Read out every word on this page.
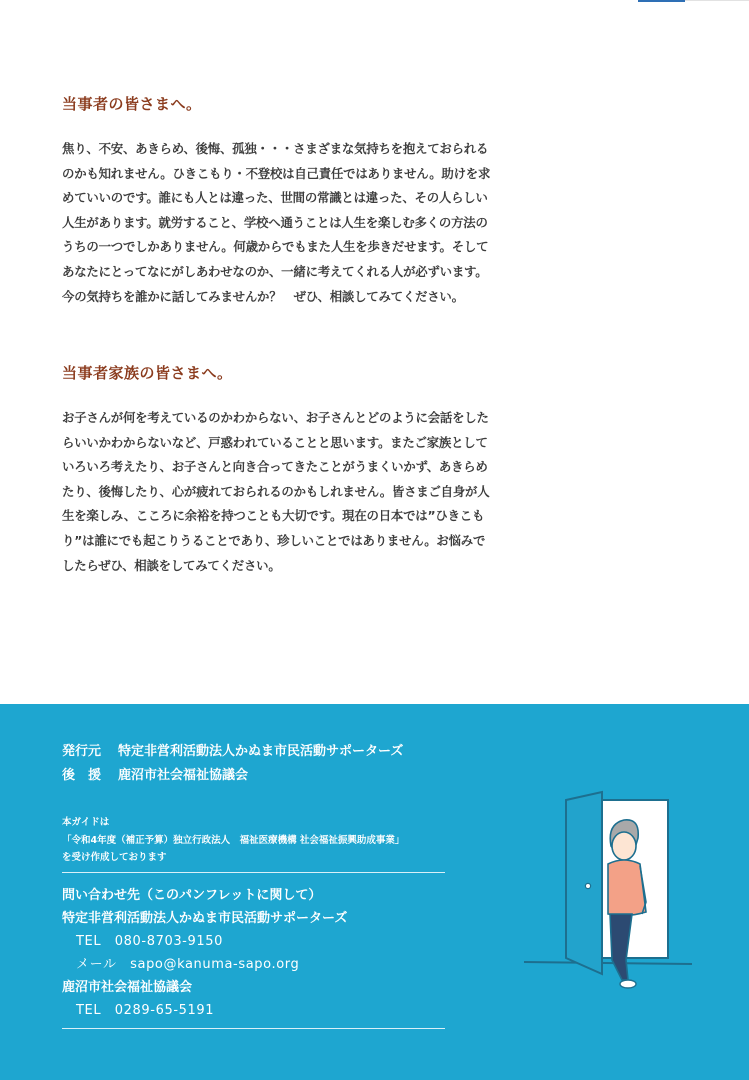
当事者の皆さまへ。

焦り、不安、あきらめ、後悔、孤独・・・さまざまな気持ちを抱えておられるのかも知れません。ひきこもり・不登校は自己責任ではありません。助けを求めていいのです。誰にも人とは違った、世間の常識とは違った、その人らしい人生があります。就労すること、学校へ通うことは人生を楽しむ多くの方法のうちの一つでしかありません。何歳からでもまた人生を歩きだせます。そしてあなたにとってなにがしあわせなのか、一緒に考えてくれる人が必ずいます。今の気持ちを誰かに話してみませんか？　ぜひ、相談してみてください。

当事者家族の皆さまへ。

お子さんが何を考えているのかわからない、お子さんとどのように会話をしたらいいかわからないなど、戸惑われていることと思います。またご家族としていろいろ考えたり、お子さんと向き合ってきたことがうまくいかず、あきらめたり、後悔したり、心が疲れておられるのかもしれません。皆さまご自身が人生を楽しみ、こころに余裕を持つことも大切です。現在の日本では”ひきこもり”は誰にでも起こりうることであり、珍しいことではありません。お悩みでしたらぜひ、相談をしてみてください。

発行元 特定非営利活動法人かぬま市民活動サポーターズ
後　援 鹿沼市社会福祉協議会
本ガイドは
「令和4年度（補正予算）独立行政法人　福祉医療機構 社会福祉振興助成事業」
を受け作成しております
問い合わせ先（このパンフレットに関して）
特定非営利活動法人かぬま市民活動サポーターズ
TEL　080-8703-9150
メール　sapo@kanuma-sapo.org
鹿沼市社会福祉協議会
TEL　0289-65-5191
